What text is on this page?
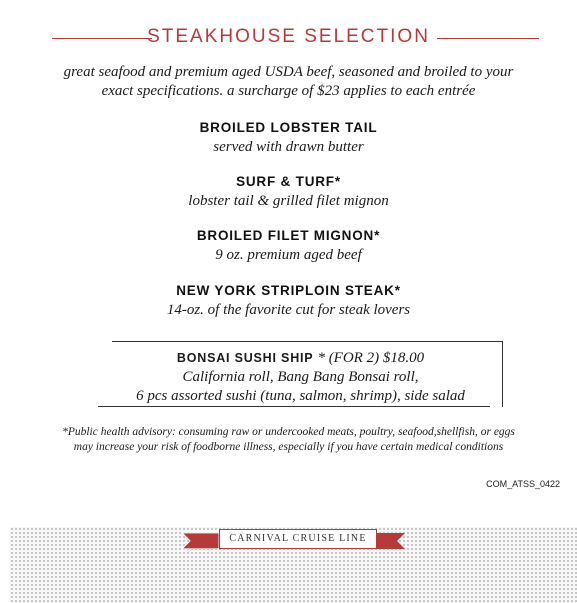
STEAKHOUSE SELECTION
great seafood and premium aged USDA beef, seasoned and broiled to your
exact specifications. a surcharge of $23 applies to each entrée
BROILED LOBSTER TAIL
served with drawn butter
SURF & TURF*
lobster tail & grilled filet mignon
BROILED FILET MIGNON*
9 oz. premium aged beef
NEW YORK STRIPLOIN STEAK*
14-oz. of the favorite cut for steak lovers
BONSAI SUSHI SHIP * (FOR 2) $18.00
California roll, Bang Bang Bonsai roll,
6 pcs assorted sushi (tuna, salmon, shrimp), side salad
*Public health advisory: consuming raw or undercooked meats, poultry, seafood,shellfish, or eggs
may increase your risk of foodborne illness, especially if you have certain medical conditions
COM_ATSS_0422
CARNIVAL CRUISE LINE
